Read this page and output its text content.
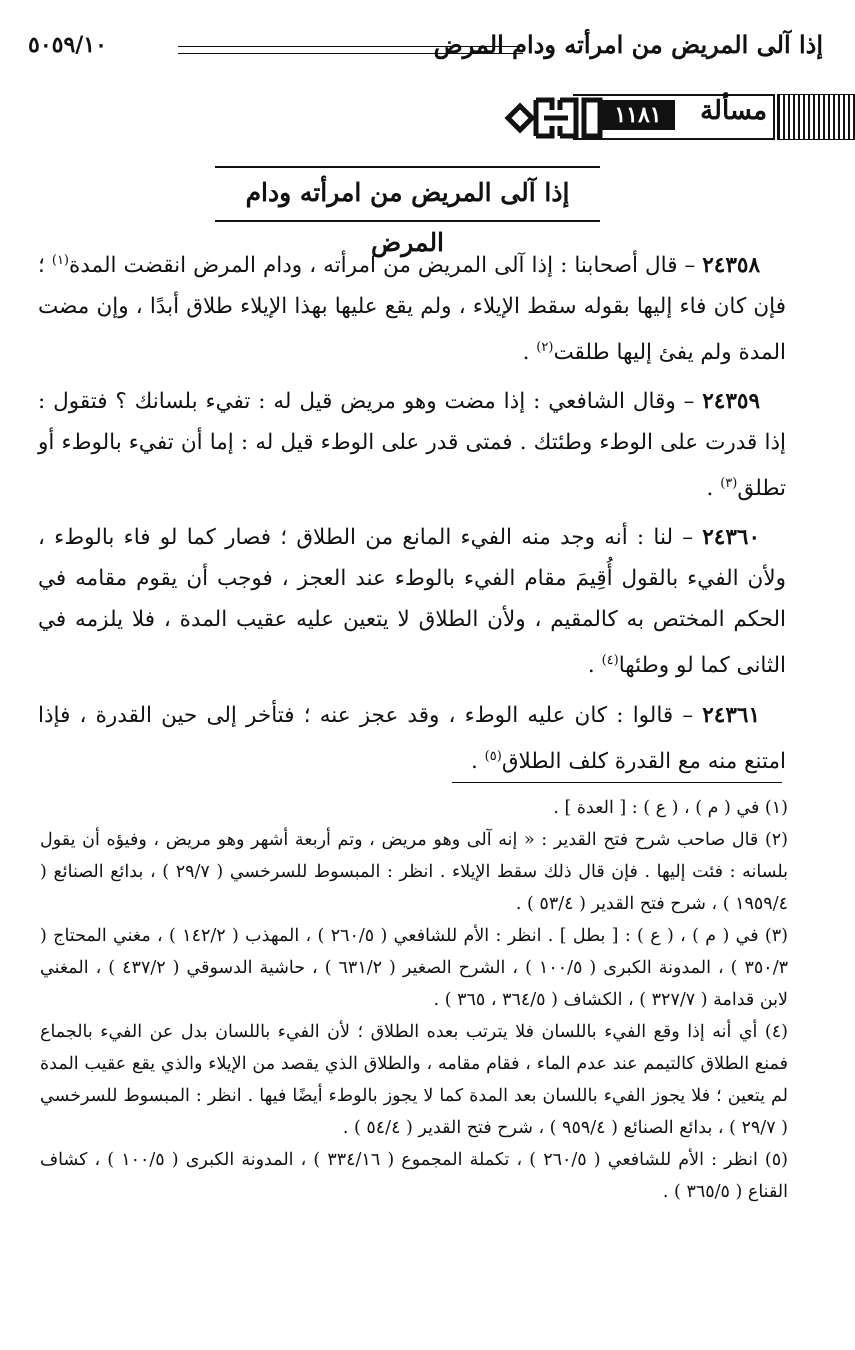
إذا آلى المريض من امرأته ودام المرض
٥٠٥٩/١٠
مسألة
١١٨١
إذا آلى المريض من امرأته ودام المرض

٢٤٣٥٨ – قال أصحابنا : إذا آلى المريض من امرأته ، ودام المرض انقضت المدة$^{(١)}$ ؛ فإن كان فاء إليها بقوله سقط الإيلاء ، ولم يقع عليها بهذا الإيلاء طلاق أبدًا ، وإن مضت المدة ولم يفئ إليها طلقت$^{(٢)}$ .

٢٤٣٥٩ – وقال الشافعي : إذا مضت وهو مريض قيل له : تفيء بلسانك ؟ فتقول : إذا قدرت على الوطء وطئتك . فمتى قدر على الوطء قيل له : إما أن تفيء بالوطء أو تطلق$^{(٣)}$ .

٢٤٣٦٠ – لنا : أنه وجد منه الفيء المانع من الطلاق ؛ فصار كما لو فاء بالوطء ، ولأن الفيء بالقول أُقِيمَ مقام الفيء بالوطء عند العجز ، فوجب أن يقوم مقامه في الحكم المختص به كالمقيم ، ولأن الطلاق لا يتعين عليه عقيب المدة ، فلا يلزمه في الثانى كما لو وطئها$^{(٤)}$ .

٢٤٣٦١ – قالوا : كان عليه الوطء ، وقد عجز عنه ؛ فتأخر إلى حين القدرة ، فإذا امتنع منه مع القدرة كلف الطلاق$^{(٥)}$ .

(١) في ( م ) ، ( ع ) : [ العدة ] .

(٢) قال صاحب شرح فتح القدير : « إنه آلى وهو مريض ، وتم أربعة أشهر وهو مريض ، وفيؤه أن يقول بلسانه : فئت إليها . فإن قال ذلك سقط الإيلاء . انظر : المبسوط للسرخسي ( ٢٩/٧ ) ، بدائع الصنائع ( ١٩٥٩/٤ ) ، شرح فتح القدير ( ٥٣/٤ ) .

(٣) في ( م ) ، ( ع ) : [ بطل ] . انظر : الأم للشافعي ( ٢٦٠/٥ ) ، المهذب ( ١٤٢/٢ ) ، مغني المحتاج ( ٣٥٠/٣ ) ، المدونة الكبرى ( ١٠٠/٥ ) ، الشرح الصغير ( ٦٣١/٢ ) ، حاشية الدسوقي ( ٤٣٧/٢ ) ، المغني لابن قدامة ( ٣٢٧/٧ ) ، الكشاف ( ٣٦٤/٥ ، ٣٦٥ ) .

(٤) أي أنه إذا وقع الفيء باللسان فلا يترتب بعده الطلاق ؛ لأن الفيء باللسان بدل عن الفيء بالجماع فمنع الطلاق كالتيمم عند عدم الماء ، فقام مقامه ، والطلاق الذي يقصد من الإيلاء والذي يقع عقيب المدة لم يتعين ؛ فلا يجوز الفيء باللسان بعد المدة كما لا يجوز بالوطء أيضًا فيها . انظر : المبسوط للسرخسي ( ٢٩/٧ ) ، بدائع الصنائع ( ٩٥٩/٤ ) ، شرح فتح القدير ( ٥٤/٤ ) .

(٥) انظر : الأم للشافعي ( ٢٦٠/٥ ) ، تكملة المجموع ( ٣٣٤/١٦ ) ، المدونة الكبرى ( ١٠٠/٥ ) ، كشاف القناع ( ٣٦٥/٥ ) .
